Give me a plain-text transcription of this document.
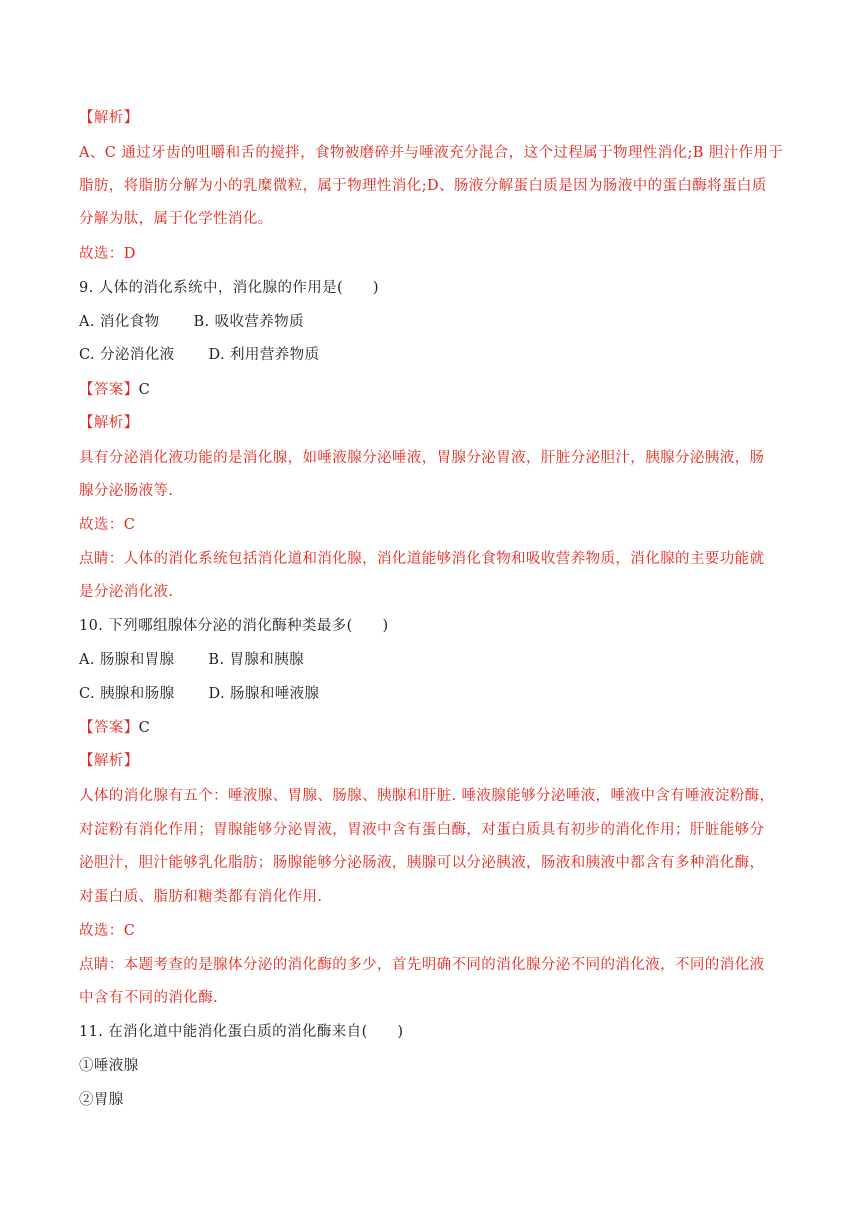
【解析】
A、C 通过牙齿的咀嚼和舌的搅拌，食物被磨碎并与唾液充分混合，这个过程属于物理性消化;B 胆汁作用于
脂肪，将脂肪分解为小的乳糜微粒，属于物理性消化;D、肠液分解蛋白质是因为肠液中的蛋白酶将蛋白质
分解为肽，属于化学性消化。
故选：D
9. 人体的消化系统中，消化腺的作用是(　　)
A. 消化食物 B. 吸收营养物质
C. 分泌消化液 D. 利用营养物质
【答案】C
【解析】
具有分泌消化液功能的是消化腺，如唾液腺分泌唾液，胃腺分泌胃液，肝脏分泌胆汁，胰腺分泌胰液，肠
腺分泌肠液等.
故选：C
点睛：人体的消化系统包括消化道和消化腺，消化道能够消化食物和吸收营养物质，消化腺的主要功能就
是分泌消化液.
10. 下列哪组腺体分泌的消化酶种类最多(　　)
A. 肠腺和胃腺 B. 胃腺和胰腺
C. 胰腺和肠腺 D. 肠腺和唾液腺
【答案】C
【解析】
人体的消化腺有五个：唾液腺、胃腺、肠腺、胰腺和肝脏. 唾液腺能够分泌唾液，唾液中含有唾液淀粉酶，
对淀粉有消化作用；胃腺能够分泌胃液，胃液中含有蛋白酶，对蛋白质具有初步的消化作用；肝脏能够分
泌胆汁，胆汁能够乳化脂肪；肠腺能够分泌肠液，胰腺可以分泌胰液，肠液和胰液中都含有多种消化酶，
对蛋白质、脂肪和糖类都有消化作用.
故选：C
点睛：本题考查的是腺体分泌的消化酶的多少，首先明确不同的消化腺分泌不同的消化液，不同的消化液
中含有不同的消化酶.
11. 在消化道中能消化蛋白质的消化酶来自(　　)
①唾液腺
②胃腺
